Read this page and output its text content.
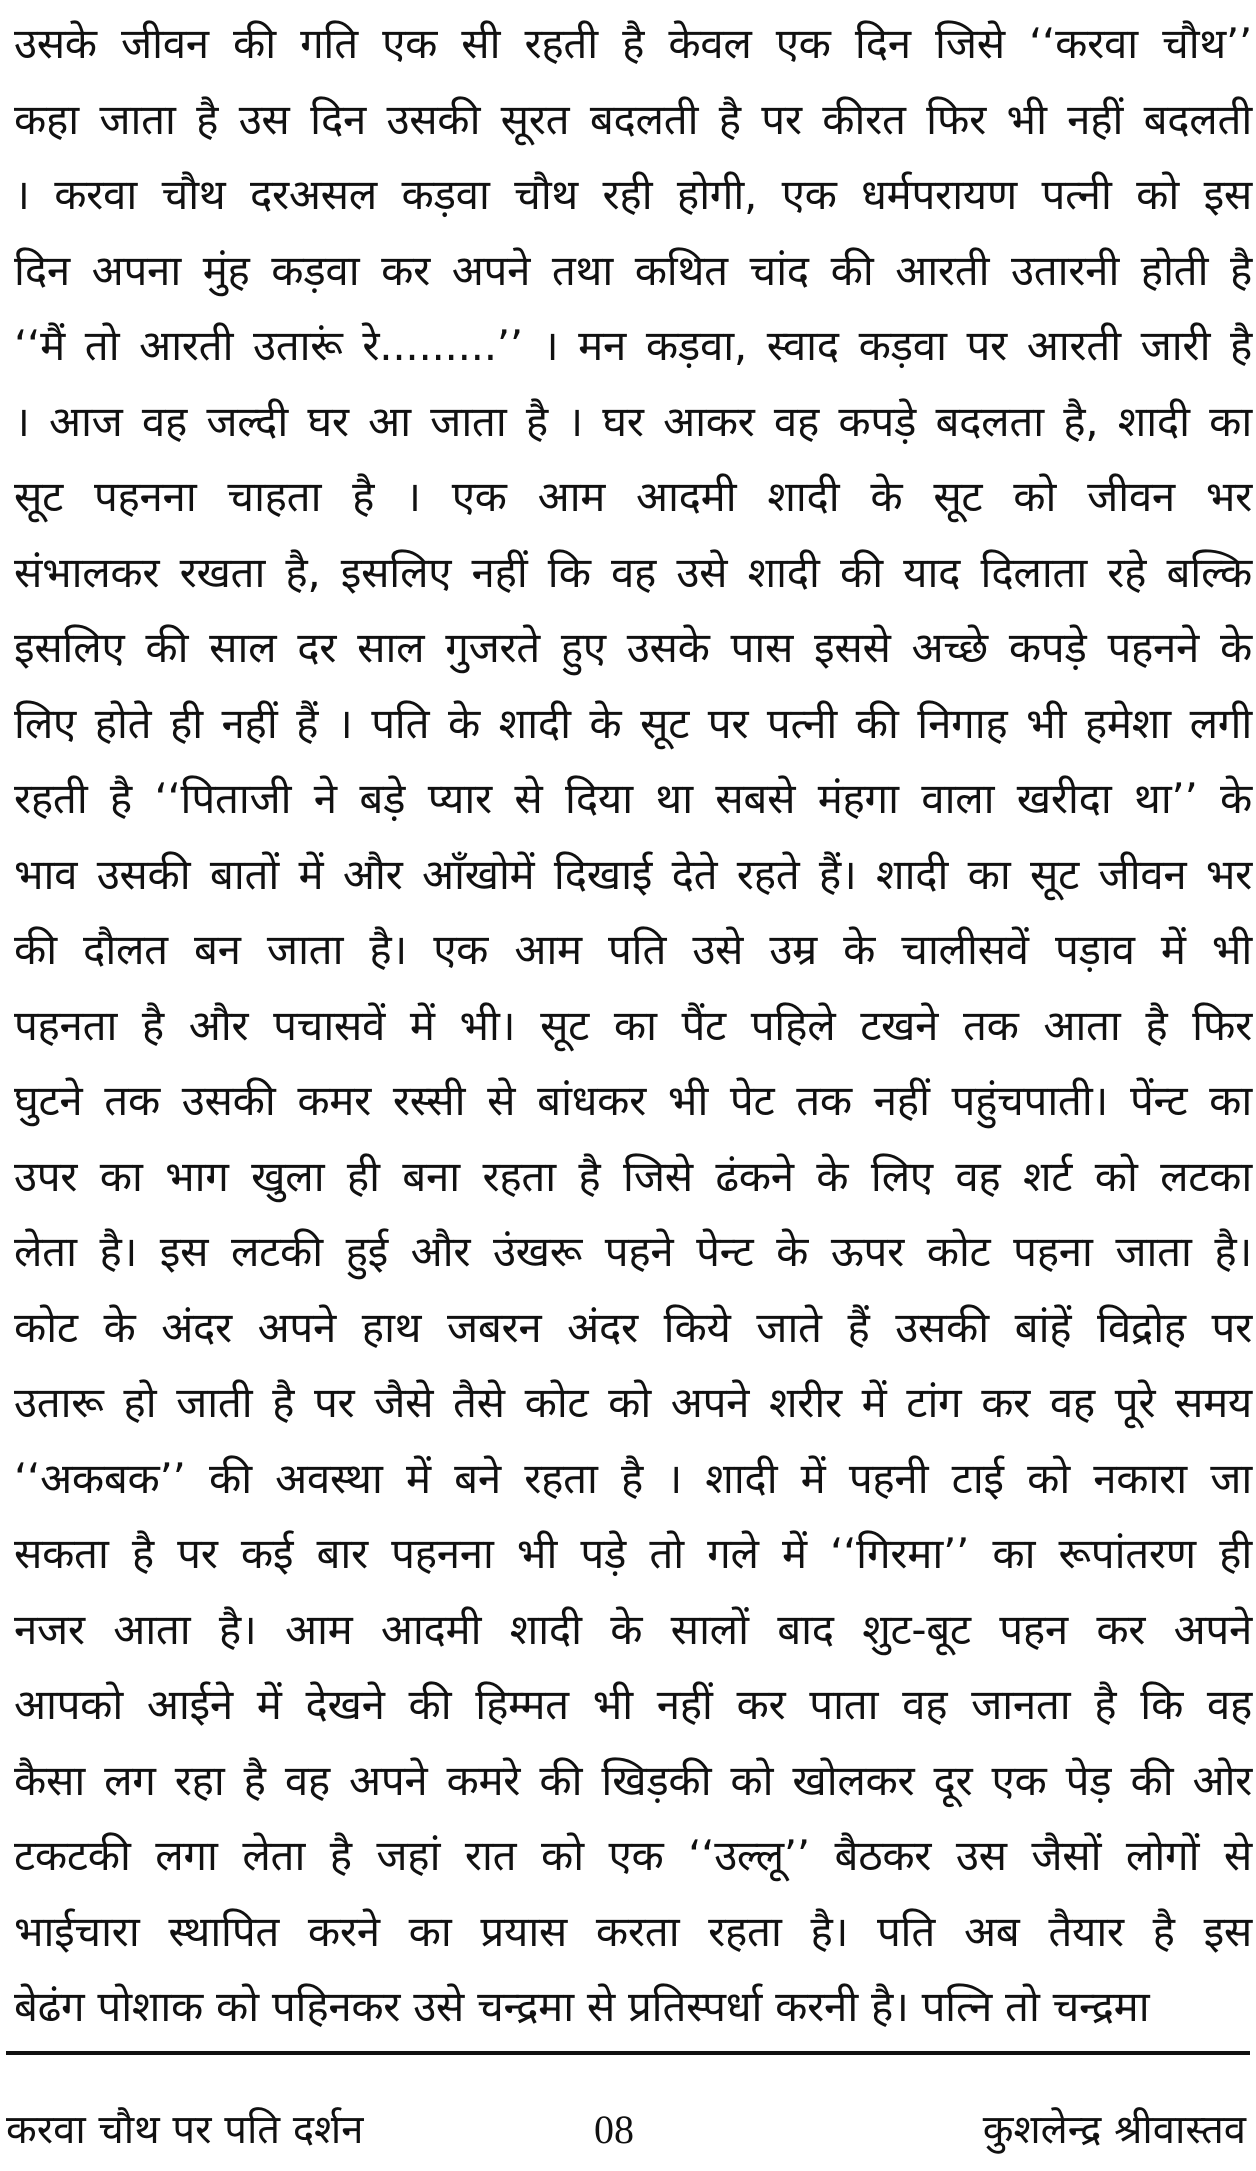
उसके जीवन की गति एक सी रहती है केवल एक दिन जिसे ‘‘करवा चौथ’’
कहा जाता है उस दिन उसकी सूरत बदलती है पर कीरत फिर भी नहीं बदलती
। करवा चौथ दरअसल कड़वा चौथ रही होगी, एक धर्मपरायण पत्नी को इस
दिन अपना मुंह कड़वा कर अपने तथा कथित चांद की आरती उतारनी होती है
‘‘मैं तो आरती उतारूं रे.........’’ । मन कड़वा, स्वाद कड़वा पर आरती जारी है
। आज वह जल्दी घर आ जाता है । घर आकर वह कपड़े बदलता है, शादी का
सूट पहनना चाहता है । एक आम आदमी शादी के सूट को जीवन भर
संभालकर रखता है, इसलिए नहीं कि वह उसे शादी की याद दिलाता रहे बल्कि
इसलिए की साल दर साल गुजरते हुए उसके पास इससे अच्छे कपड़े पहनने के
लिए होते ही नहीं हैं । पति के शादी के सूट पर पत्नी की निगाह भी हमेशा लगी
रहती है ‘‘पिताजी ने बड़े प्यार से दिया था सबसे मंहगा वाला खरीदा था’’ के
भाव उसकी बातों में और आँखोमें दिखाई देते रहते हैं। शादी का सूट जीवन भर
की दौलत बन जाता है। एक आम पति उसे उम्र के चालीसवें पड़ाव में भी
पहनता है और पचासवें में भी। सूट का पैंट पहिले टखने तक आता है फिर
घुटने तक उसकी कमर रस्सी से बांधकर भी पेट तक नहीं पहुंचपाती। पेंन्ट का
उपर का भाग खुला ही बना रहता है जिसे ढंकने के लिए वह शर्ट को लटका
लेता है। इस लटकी हुई और उंखरू पहने पेन्ट के ऊपर कोट पहना जाता है।
कोट के अंदर अपने हाथ जबरन अंदर किये जाते हैं उसकी बांहें विद्रोह पर
उतारू हो जाती है पर जैसे तैसे कोट को अपने शरीर में टांग कर वह पूरे समय
‘‘अकबक’’ की अवस्था में बने रहता है । शादी में पहनी टाई को नकारा जा
सकता है पर कई बार पहनना भी पड़े तो गले में ‘‘गिरमा’’ का रूपांतरण ही
नजर आता है। आम आदमी शादी के सालों बाद शुट-बूट पहन कर अपने
आपको आईने में देखने की हिम्मत भी नहीं कर पाता वह जानता है कि वह
कैसा लग रहा है वह अपने कमरे की खिड़की को खोलकर दूर एक पेड़ की ओर
टकटकी लगा लेता है जहां रात को एक ‘‘उल्लू’’ बैठकर उस जैसों लोगों से
भाईचारा स्थापित करने का प्रयास करता रहता है। पति अब तैयार है इस
बेढंग पोशाक को पहिनकर उसे चन्द्रमा से प्रतिस्पर्धा करनी है। पत्नि तो चन्द्रमा
करवा चौथ पर पति दर्शन	08	कुशलेन्द्र श्रीवास्तव
